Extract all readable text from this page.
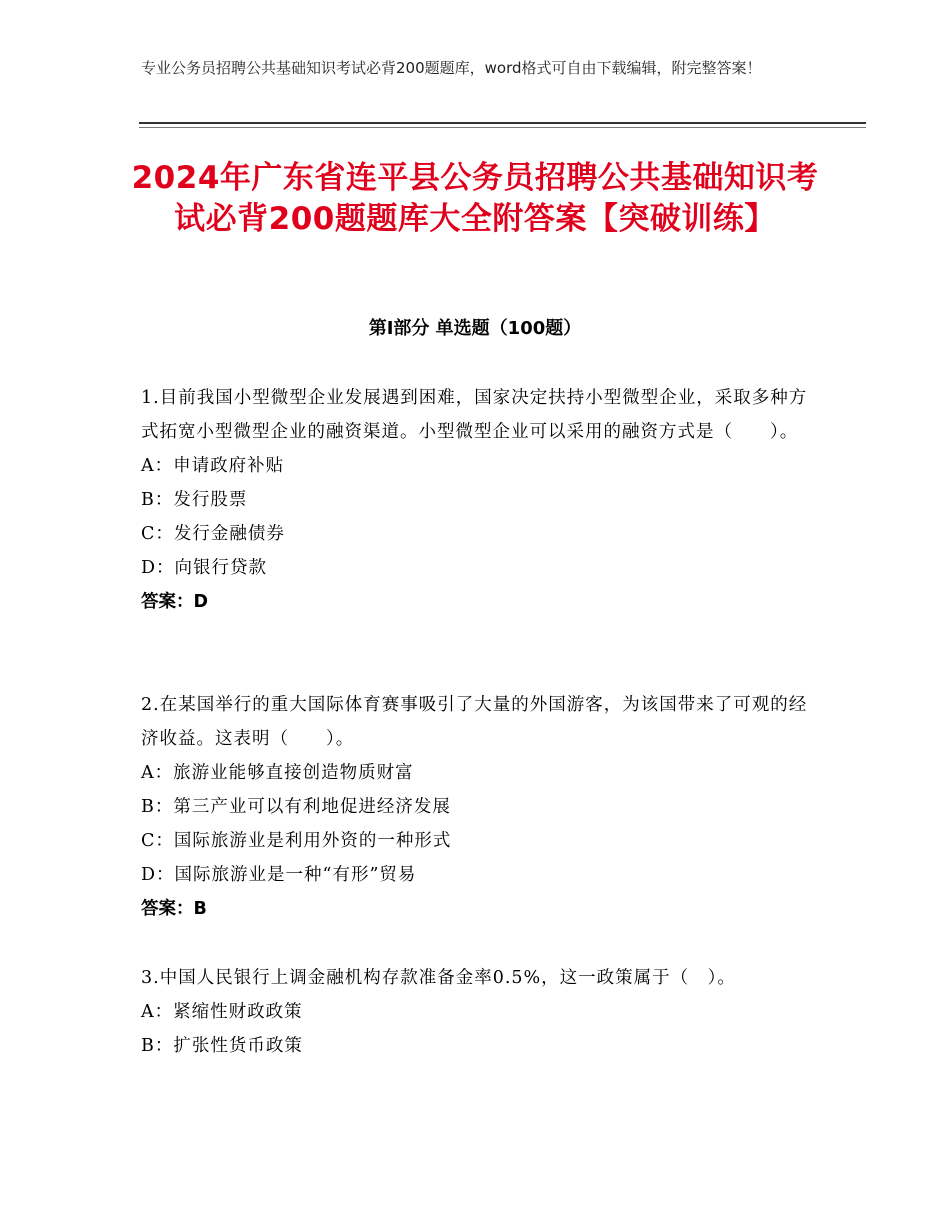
专业公务员招聘公共基础知识考试必背200题题库，word格式可自由下载编辑，附完整答案！
2024年广东省连平县公务员招聘公共基础知识考试必背200题题库大全附答案【突破训练】
第I部分 单选题（100题）
1.目前我国小型微型企业发展遇到困难，国家决定扶持小型微型企业，采取多种方式拓宽小型微型企业的融资渠道。小型微型企业可以采用的融资方式是（　　）。
A：申请政府补贴
B：发行股票
C：发行金融债券
D：向银行贷款
答案：D
2.在某国举行的重大国际体育赛事吸引了大量的外国游客，为该国带来了可观的经济收益。这表明（　　）。
A：旅游业能够直接创造物质财富
B：第三产业可以有利地促进经济发展
C：国际旅游业是利用外资的一种形式
D：国际旅游业是一种“有形”贸易
答案：B
3.中国人民银行上调金融机构存款准备金率0.5%，这一政策属于（　）。
A：紧缩性财政政策
B：扩张性货币政策
